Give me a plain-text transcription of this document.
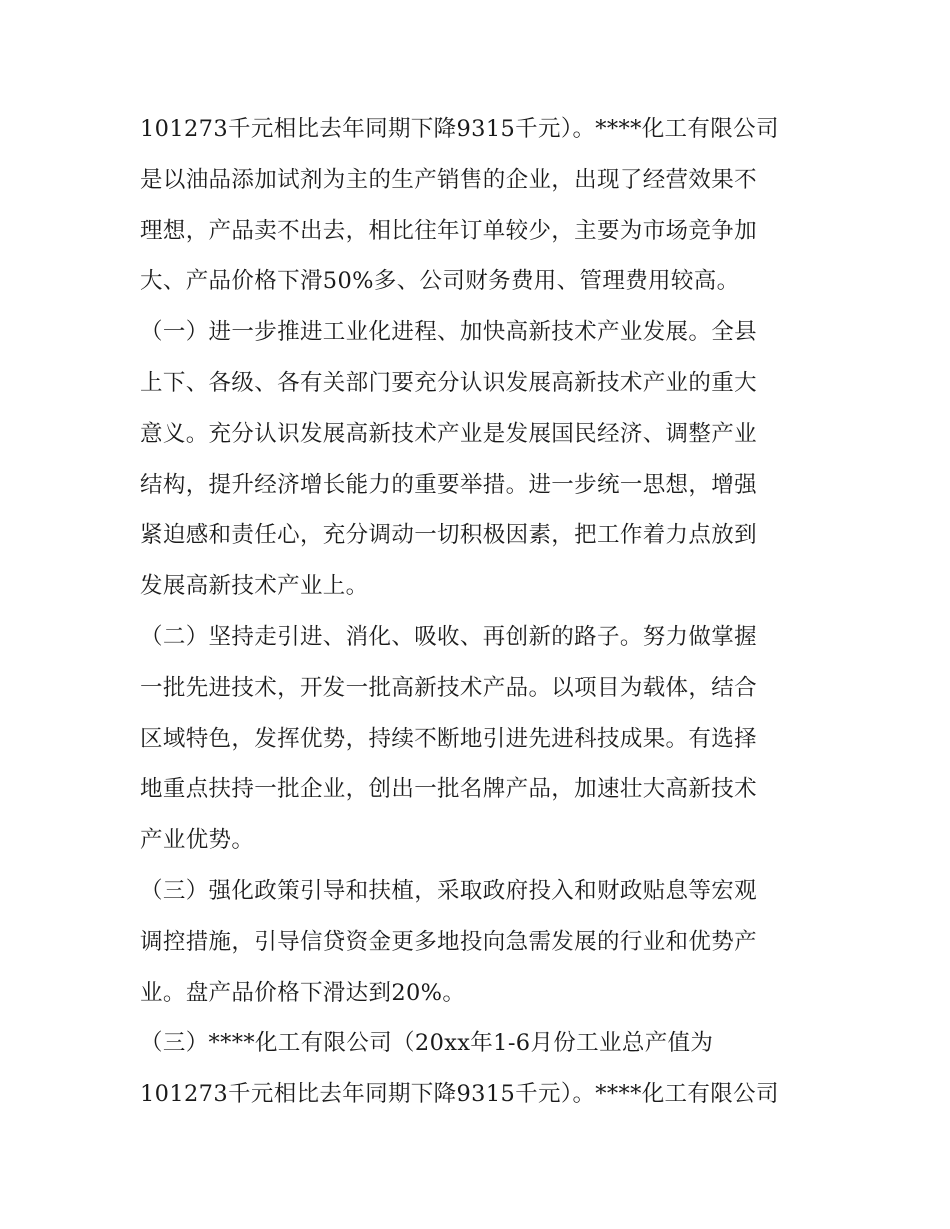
101273千元相比去年同期下降9315千元）。****化工有限公司
是以油品添加试剂为主的生产销售的企业，出现了经营效果不
理想，产品卖不出去，相比往年订单较少，主要为市场竞争加
大、产品价格下滑50%多、公司财务费用、管理费用较高。
（一）进一步推进工业化进程、加快高新技术产业发展。全县
上下、各级、各有关部门要充分认识发展高新技术产业的重大
意义。充分认识发展高新技术产业是发展国民经济、调整产业
结构，提升经济增长能力的重要举措。进一步统一思想，增强
紧迫感和责任心，充分调动一切积极因素，把工作着力点放到
发展高新技术产业上。
（二）坚持走引进、消化、吸收、再创新的路子。努力做掌握
一批先进技术，开发一批高新技术产品。以项目为载体，结合
区域特色，发挥优势，持续不断地引进先进科技成果。有选择
地重点扶持一批企业，创出一批名牌产品，加速壮大高新技术
产业优势。
（三）强化政策引导和扶植，采取政府投入和财政贴息等宏观
调控措施，引导信贷资金更多地投向急需发展的行业和优势产
业。盘产品价格下滑达到20%。
（三）****化工有限公司（20xx年1-6月份工业总产值为
101273千元相比去年同期下降9315千元）。****化工有限公司
